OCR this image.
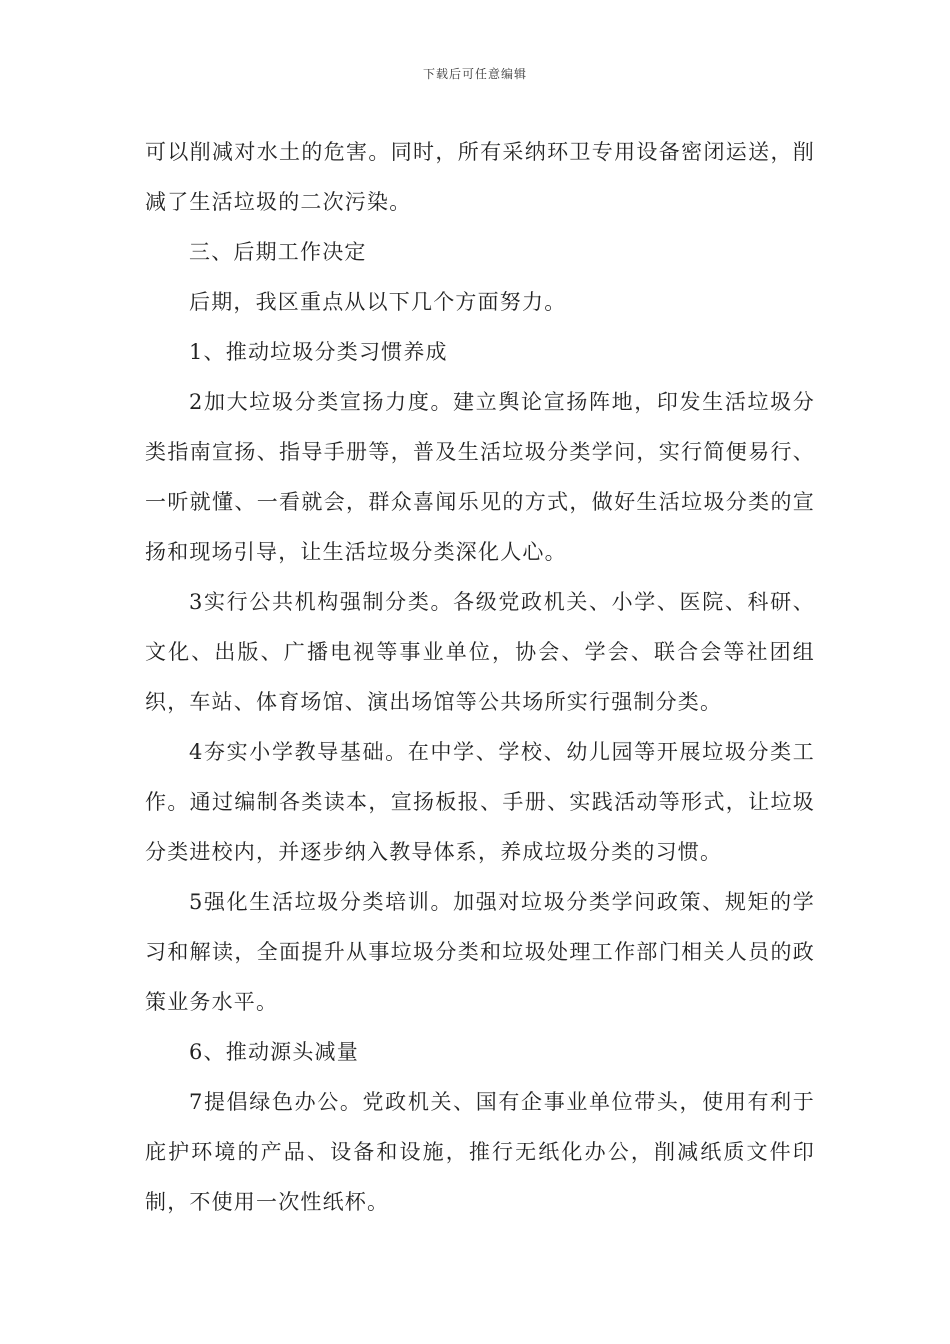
下载后可任意编辑

可以削减对水土的危害。同时，所有采纳环卫专用设备密闭运送，削减了生活垃圾的二次污染。

三、后期工作决定

后期，我区重点从以下几个方面努力。

1、推动垃圾分类习惯养成

2加大垃圾分类宣扬力度。建立舆论宣扬阵地，印发生活垃圾分类指南宣扬、指导手册等，普及生活垃圾分类学问，实行简便易行、一听就懂、一看就会，群众喜闻乐见的方式，做好生活垃圾分类的宣扬和现场引导，让生活垃圾分类深化人心。

3实行公共机构强制分类。各级党政机关、小学、医院、科研、文化、出版、广播电视等事业单位，协会、学会、联合会等社团组织，车站、体育场馆、演出场馆等公共场所实行强制分类。

4夯实小学教导基础。在中学、学校、幼儿园等开展垃圾分类工作。通过编制各类读本，宣扬板报、手册、实践活动等形式，让垃圾分类进校内，并逐步纳入教导体系，养成垃圾分类的习惯。

5强化生活垃圾分类培训。加强对垃圾分类学问政策、规矩的学习和解读，全面提升从事垃圾分类和垃圾处理工作部门相关人员的政策业务水平。

6、推动源头减量

7提倡绿色办公。党政机关、国有企事业单位带头，使用有利于庇护环境的产品、设备和设施，推行无纸化办公，削减纸质文件印制，不使用一次性纸杯。
